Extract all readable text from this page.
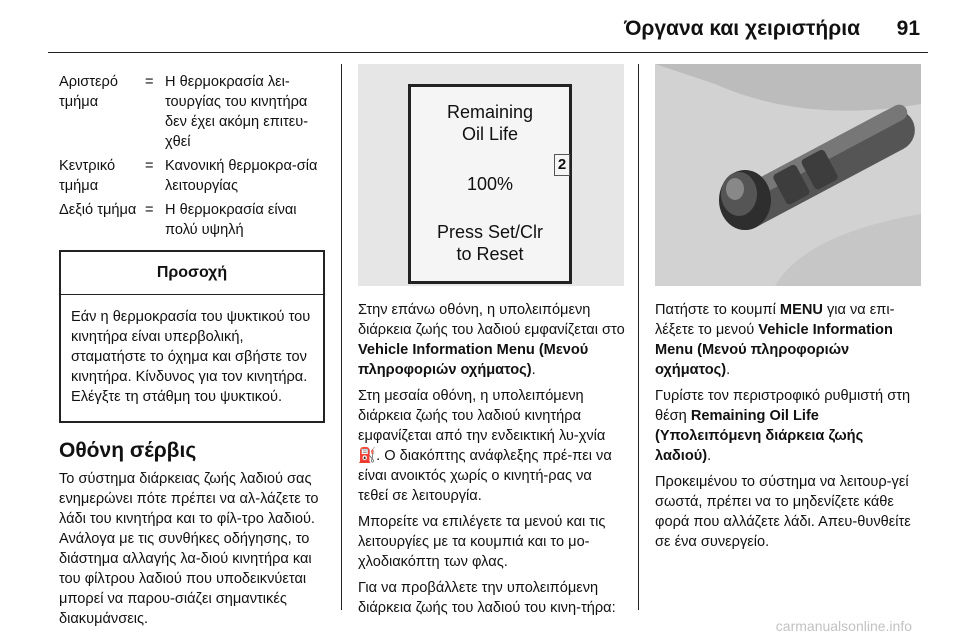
Όργανα και χειριστήρια 91
Αριστερό τμήμα
= Η θερμοκρασία λει-τουργίας του κινητήρα δεν έχει ακόμη επιτευ-χθεί
Κεντρικό τμήμα
= Κανονική θερμοκρα-σία λειτουργίας
Δεξιό τμήμα = Η θερμοκρασία είναι πολύ υψηλή
Προσοχή
Εάν η θερμοκρασία του ψυκτικού του κινητήρα είναι υπερβολική, σταματήστε το όχημα και σβήστε τον κινητήρα. Κίνδυνος για τον κινητήρα. Ελέγξτε τη στάθμη του ψυκτικού.
Οθόνη σέρβις

Το σύστημα διάρκειας ζωής λαδιού σας ενημερώνει πότε πρέπει να αλ-λάζετε το λάδι του κινητήρα και το φίλ-τρο λαδιού. Ανάλογα με τις συνθήκες οδήγησης, το διάστημα αλλαγής λα-διού κινητήρα και του φίλτρου λαδιού που υποδεικνύεται μπορεί να παρου-σιάζει σημαντικές διακυμάνσεις.

Remaining
Oil Life
100%
Press Set/Clr
to Reset
2

Στην επάνω οθόνη, η υπολειπόμενη διάρκεια ζωής του λαδιού εμφανίζεται στο Vehicle Information Menu (Μενού πληροφοριών οχήματος).

Στη μεσαία οθόνη, η υπολειπόμενη διάρκεια ζωής του λαδιού κινητήρα εμφανίζεται από την ενδεικτική λυ-χνία ⛽. Ο διακόπτης ανάφλεξης πρέ-πει να είναι ανοικτός χωρίς ο κινητή-ρας να τεθεί σε λειτουργία.

Μπορείτε να επιλέγετε τα μενού και τις λειτουργίες με τα κουμπιά και το μο-χλοδιακόπτη των φλας.

Για να προβάλλετε την υπολειπόμενη διάρκεια ζωής του λαδιού του κινη-τήρα:

Πατήστε το κουμπί MENU για να επι-λέξετε το μενού Vehicle Information Menu (Μενού πληροφοριών οχήματος).

Γυρίστε τον περιστροφικό ρυθμιστή στη θέση Remaining Oil Life (Υπολειπόμενη διάρκεια ζωής λαδιού).

Προκειμένου το σύστημα να λειτουρ-γεί σωστά, πρέπει να το μηδενίζετε κάθε φορά που αλλάζετε λάδι. Απευ-θυνθείτε σε ένα συνεργείο.

carmanualsonline.info
